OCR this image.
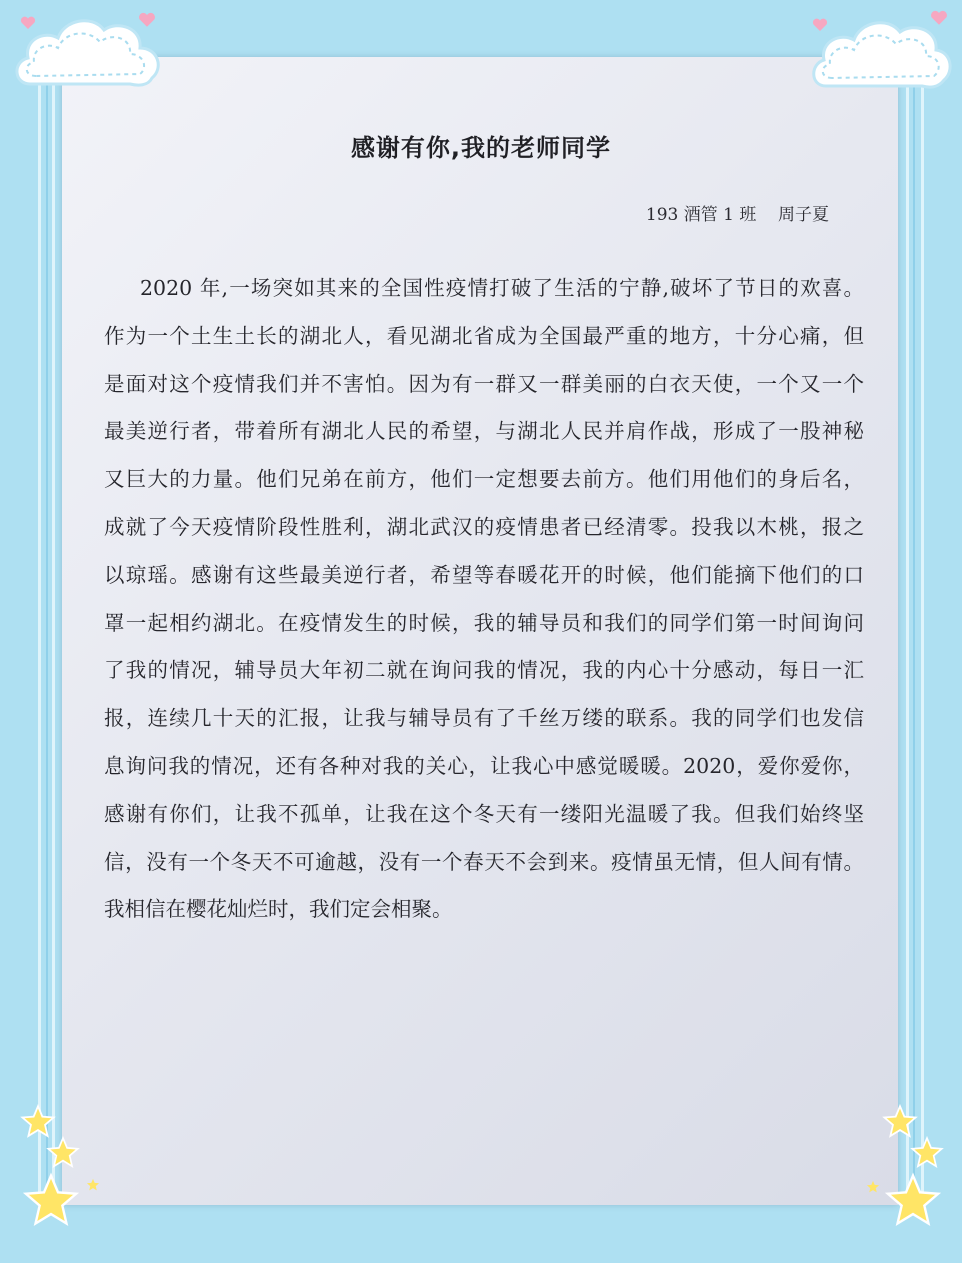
感谢有你,我的老师同学
193 酒管 1 班    周子夏
2020 年,一场突如其来的全国性疫情打破了生活的宁静,破坏了节日的欢喜。
作为一个土生土长的湖北人，看见湖北省成为全国最严重的地方，十分心痛，但
是面对这个疫情我们并不害怕。因为有一群又一群美丽的白衣天使，一个又一个
最美逆行者，带着所有湖北人民的希望，与湖北人民并肩作战，形成了一股神秘
又巨大的力量。他们兄弟在前方，他们一定想要去前方。他们用他们的身后名，
成就了今天疫情阶段性胜利，湖北武汉的疫情患者已经清零。投我以木桃，报之
以琼瑶。感谢有这些最美逆行者，希望等春暖花开的时候，他们能摘下他们的口
罩一起相约湖北。在疫情发生的时候，我的辅导员和我们的同学们第一时间询问
了我的情况，辅导员大年初二就在询问我的情况，我的内心十分感动，每日一汇
报，连续几十天的汇报，让我与辅导员有了千丝万缕的联系。我的同学们也发信
息询问我的情况，还有各种对我的关心，让我心中感觉暖暖。2020，爱你爱你，
感谢有你们，让我不孤单，让我在这个冬天有一缕阳光温暖了我。但我们始终坚
信，没有一个冬天不可逾越，没有一个春天不会到来。疫情虽无情，但人间有情。
我相信在樱花灿烂时，我们定会相聚。
